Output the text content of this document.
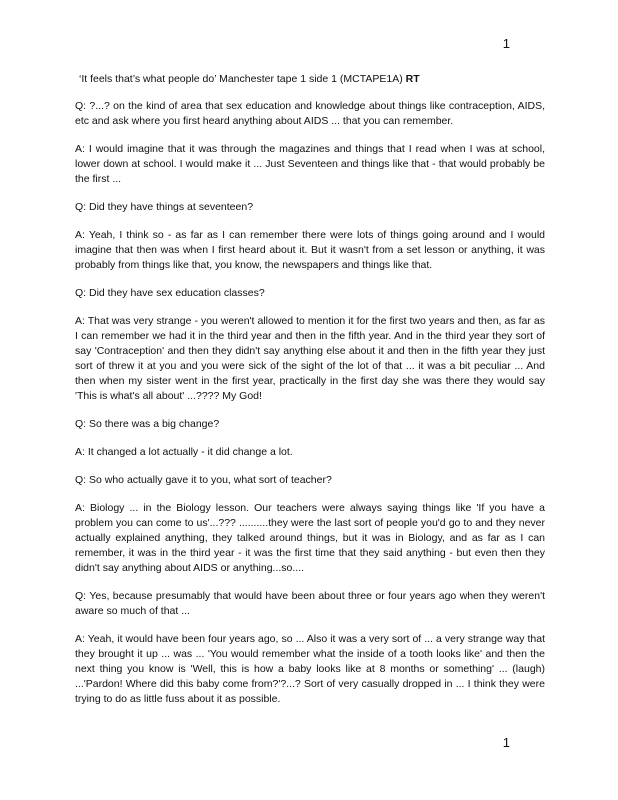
1
‘It feels that’s what people do’ Manchester tape 1 side 1 (MCTAPE1A) RT

Q: ?...? on the kind of area that sex education and knowledge about things like contraception, AIDS, etc and ask where you first heard anything about AIDS ... that you can remember.

A: I would imagine that it was through the magazines and things that I read when I was at school, lower down at school. I would make it ... Just Seventeen and things like that - that would probably be the first ...

Q: Did they have things at seventeen?

A: Yeah, I think so - as far as I can remember there were lots of things going around and I would imagine that then was when I first heard about it. But it wasn't from a set lesson or anything, it was probably from things like that, you know, the newspapers and things like that.

Q: Did they have sex education classes?

A: That was very strange - you weren't allowed to mention it for the first two years and then, as far as I can remember we had it in the third year and then in the fifth year. And in the third year they sort of say 'Contraception' and then they didn't say anything else about it and then in the fifth year they just sort of threw it at you and you were sick of the sight of the lot of that ... it was a bit peculiar ... And then when my sister went in the first year, practically in the first day she was there they would say 'This is what's all about' ...???? My God!

Q: So there was a big change?

A: It changed a lot actually - it did change a lot.

Q: So who actually gave it to you, what sort of teacher?

A: Biology ... in the Biology lesson. Our teachers were always saying things like 'If you have a problem you can come to us'...??? ..........they were the last sort of people you'd go to and they never actually explained anything, they talked around things, but it was in Biology, and as far as I can remember, it was in the third year - it was the first time that they said anything - but even then they didn't say anything about AIDS or anything...so....

Q: Yes, because presumably that would have been about three or four years ago when they weren't aware so much of that ...

A: Yeah, it would have been four years ago, so ... Also it was a very sort of ... a very strange way that they brought it up ... was ... 'You would remember what the inside of a tooth looks like' and then the next thing you know is 'Well, this is how a baby looks like at 8 months or something' ... (laugh) ...'Pardon! Where did this baby come from?'?...? Sort of very casually dropped in ... I think they were trying to do as little fuss about it as possible.

1
